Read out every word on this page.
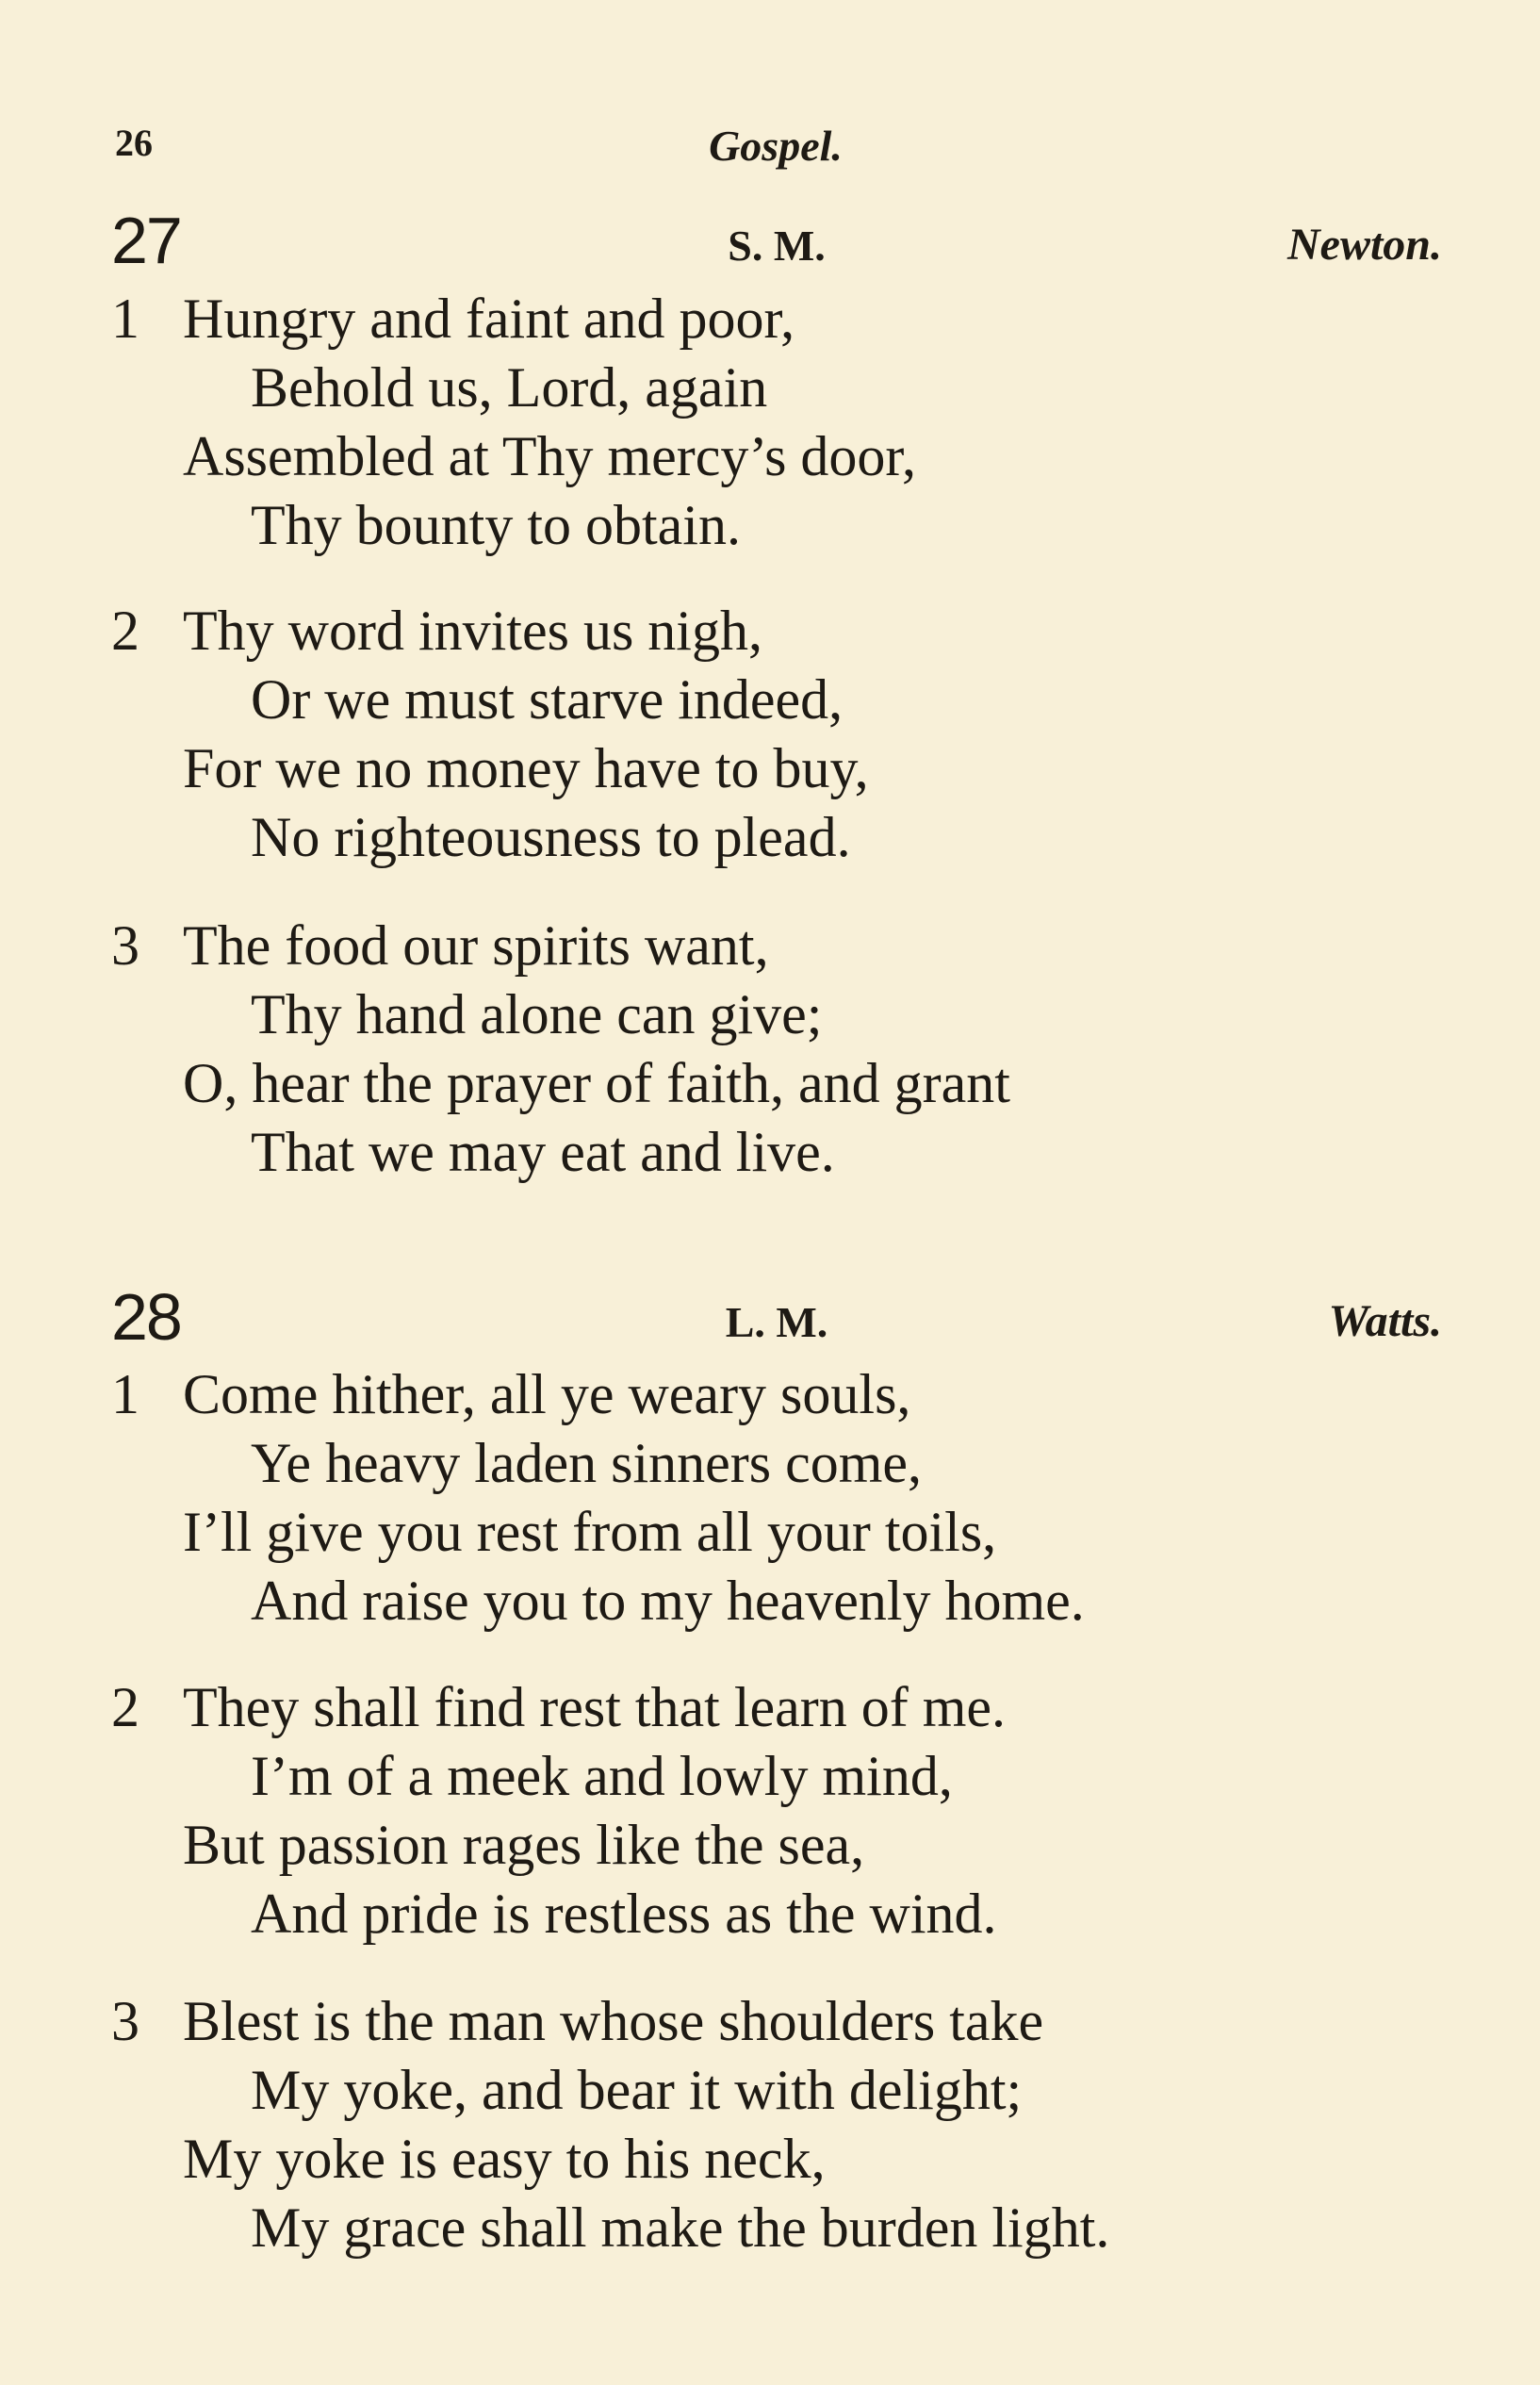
26	Gospel.
27	S. M.	Newton.
1 Hungry and faint and poor,
Behold us, Lord, again
Assembled at Thy mercy’s door,
Thy bounty to obtain.
2 Thy word invites us nigh,
Or we must starve indeed,
For we no money have to buy,
No righteousness to plead.
3 The food our spirits want,
Thy hand alone can give;
O, hear the prayer of faith, and grant
That we may eat and live.
28	L. M.	Watts.
1 Come hither, all ye weary souls,
Ye heavy laden sinners come,
I’ll give you rest from all your toils,
And raise you to my heavenly home.
2 They shall find rest that learn of me.
I’m of a meek and lowly mind,
But passion rages like the sea,
And pride is restless as the wind.
3 Blest is the man whose shoulders take
My yoke, and bear it with delight;
My yoke is easy to his neck,
My grace shall make the burden light.
